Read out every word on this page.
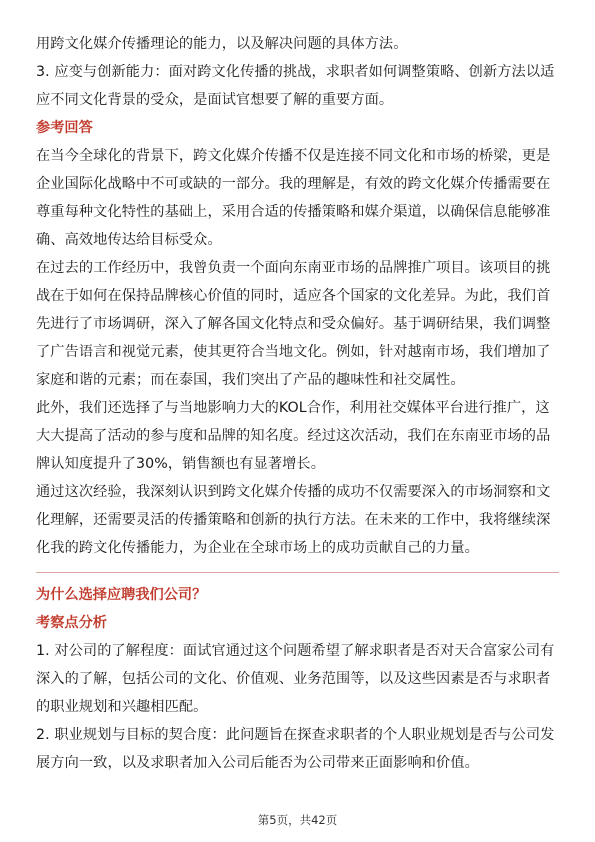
用跨文化媒介传播理论的能力，以及解决问题的具体方法。

3. 应变与创新能力：面对跨文化传播的挑战，求职者如何调整策略、创新方法以适应不同文化背景的受众，是面试官想要了解的重要方面。

参考回答

在当今全球化的背景下，跨文化媒介传播不仅是连接不同文化和市场的桥梁，更是企业国际化战略中不可或缺的一部分。我的理解是，有效的跨文化媒介传播需要在尊重每种文化特性的基础上，采用合适的传播策略和媒介渠道，以确保信息能够准确、高效地传达给目标受众。

在过去的工作经历中，我曾负责一个面向东南亚市场的品牌推广项目。该项目的挑战在于如何在保持品牌核心价值的同时，适应各个国家的文化差异。为此，我们首先进行了市场调研，深入了解各国文化特点和受众偏好。基于调研结果，我们调整了广告语言和视觉元素，使其更符合当地文化。例如，针对越南市场，我们增加了家庭和谐的元素；而在泰国，我们突出了产品的趣味性和社交属性。

此外，我们还选择了与当地影响力大的KOL合作，利用社交媒体平台进行推广，这大大提高了活动的参与度和品牌的知名度。经过这次活动，我们在东南亚市场的品牌认知度提升了30%，销售额也有显著增长。

通过这次经验，我深刻认识到跨文化媒介传播的成功不仅需要深入的市场洞察和文化理解，还需要灵活的传播策略和创新的执行方法。在未来的工作中，我将继续深化我的跨文化传播能力，为企业在全球市场上的成功贡献自己的力量。

为什么选择应聘我们公司？

考察点分析

1. 对公司的了解程度：面试官通过这个问题希望了解求职者是否对天合富家公司有深入的了解，包括公司的文化、价值观、业务范围等，以及这些因素是否与求职者的职业规划和兴趣相匹配。

2. 职业规划与目标的契合度：此问题旨在探查求职者的个人职业规划是否与公司发展方向一致，以及求职者加入公司后能否为公司带来正面影响和价值。

第5页，共42页
